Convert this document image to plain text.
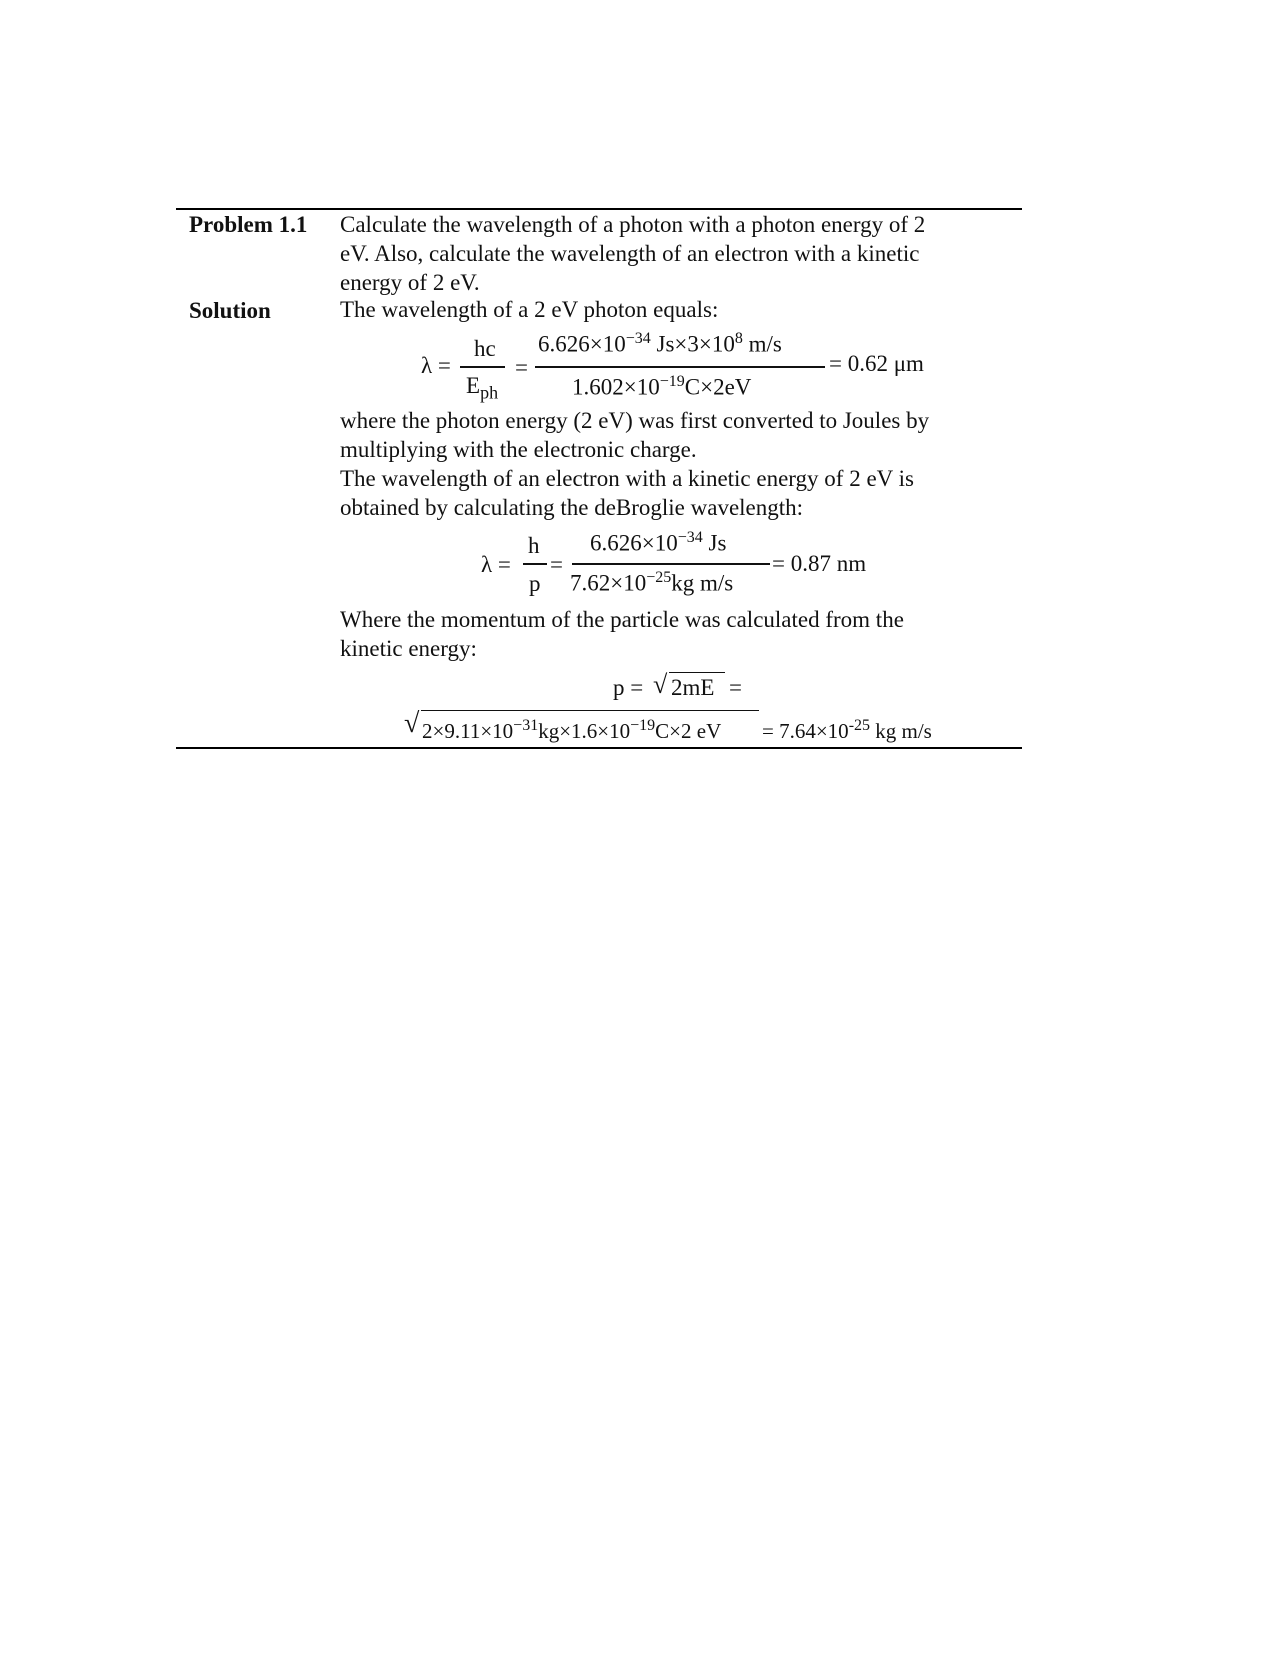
Problem 1.1 Calculate the wavelength of a photon with a photon energy of 2 eV. Also, calculate the wavelength of an electron with a kinetic energy of 2 eV.
Solution	The wavelength of a 2 eV photon equals:
λ =
hc
$E_{ph}$
=
$6.626\times 10^{-34}$ $Js\times 3\times 10^8$ m/s
$1.602\times 10^{-19}C\times 2eV$
= 0.62 μm
where the photon energy (2 eV) was first converted to Joules by multiplying with the electronic charge.
The wavelength of an electron with a kinetic energy of 2 eV is obtained by calculating the deBroglie wavelength:
λ =
h
p
=
$6.626\times 10^{-34}$ Js
$7.62\times 10^{-25}kg$ m/s
= 0.87 nm
Where the momentum of the particle was calculated from the kinetic energy:
p = √ 2mE =
√ $2\times 9.11\times 10^{-31}kg\times 1.6\times 10^{-19}C\times 2$ eV = $7.64\times 10^{-25}$ kg m/s
